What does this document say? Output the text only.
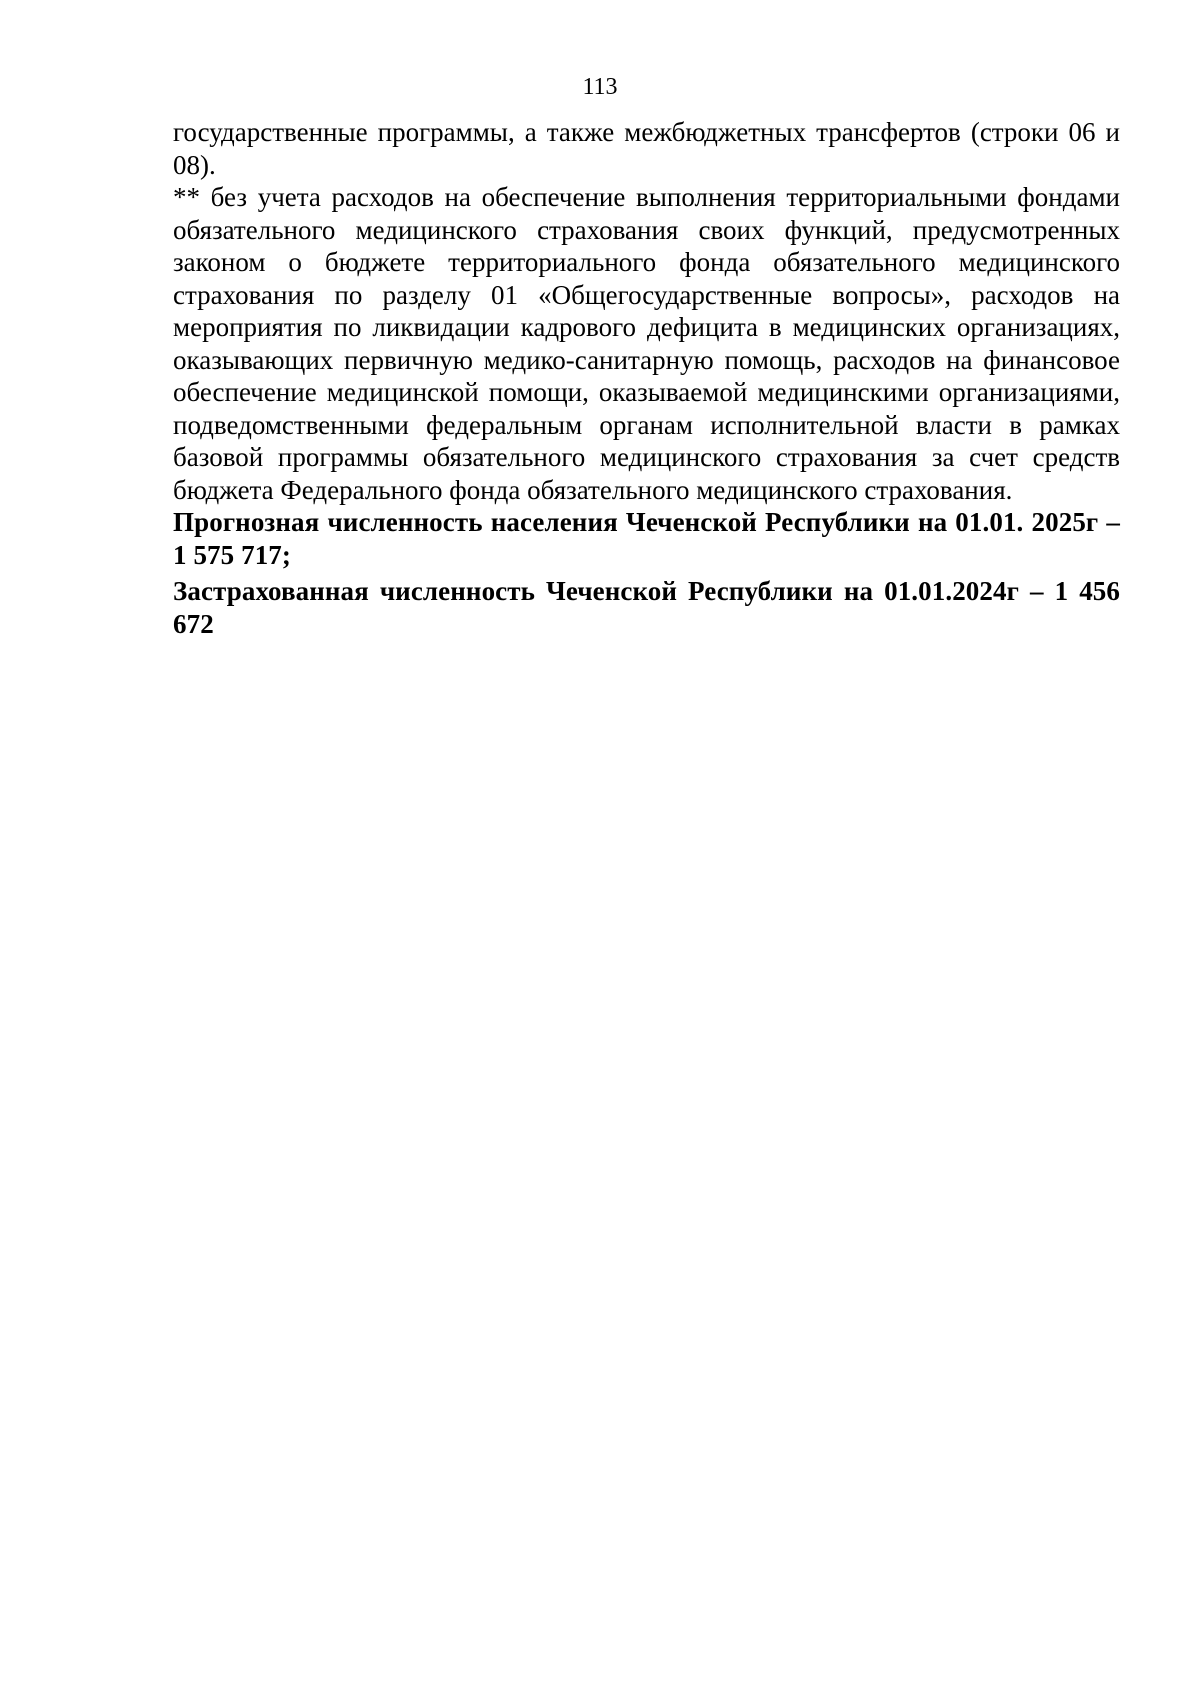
113

государственные программы, а также межбюджетных трансфертов (строки 06 и 08).

** без учета расходов на обеспечение выполнения территориальными фондами обязательного медицинского страхования своих функций, предусмотренных законом о бюджете территориального фонда обязательного медицинского страхования по разделу 01 «Общегосударственные вопросы», расходов на мероприятия по ликвидации кадрового дефицита в медицинских организациях, оказывающих первичную медико-санитарную помощь, расходов на финансовое обеспечение медицинской помощи, оказываемой медицинскими организациями, подведомственными федеральным органам исполнительной власти в рамках базовой программы обязательного медицинского страхования за счет средств бюджета Федерального фонда обязательного медицинского страхования.

Прогнозная численность населения Чеченской Республики на 01.01. 2025г – 1 575 717;

Застрахованная численность Чеченской Республики на 01.01.2024г – 1 456 672
